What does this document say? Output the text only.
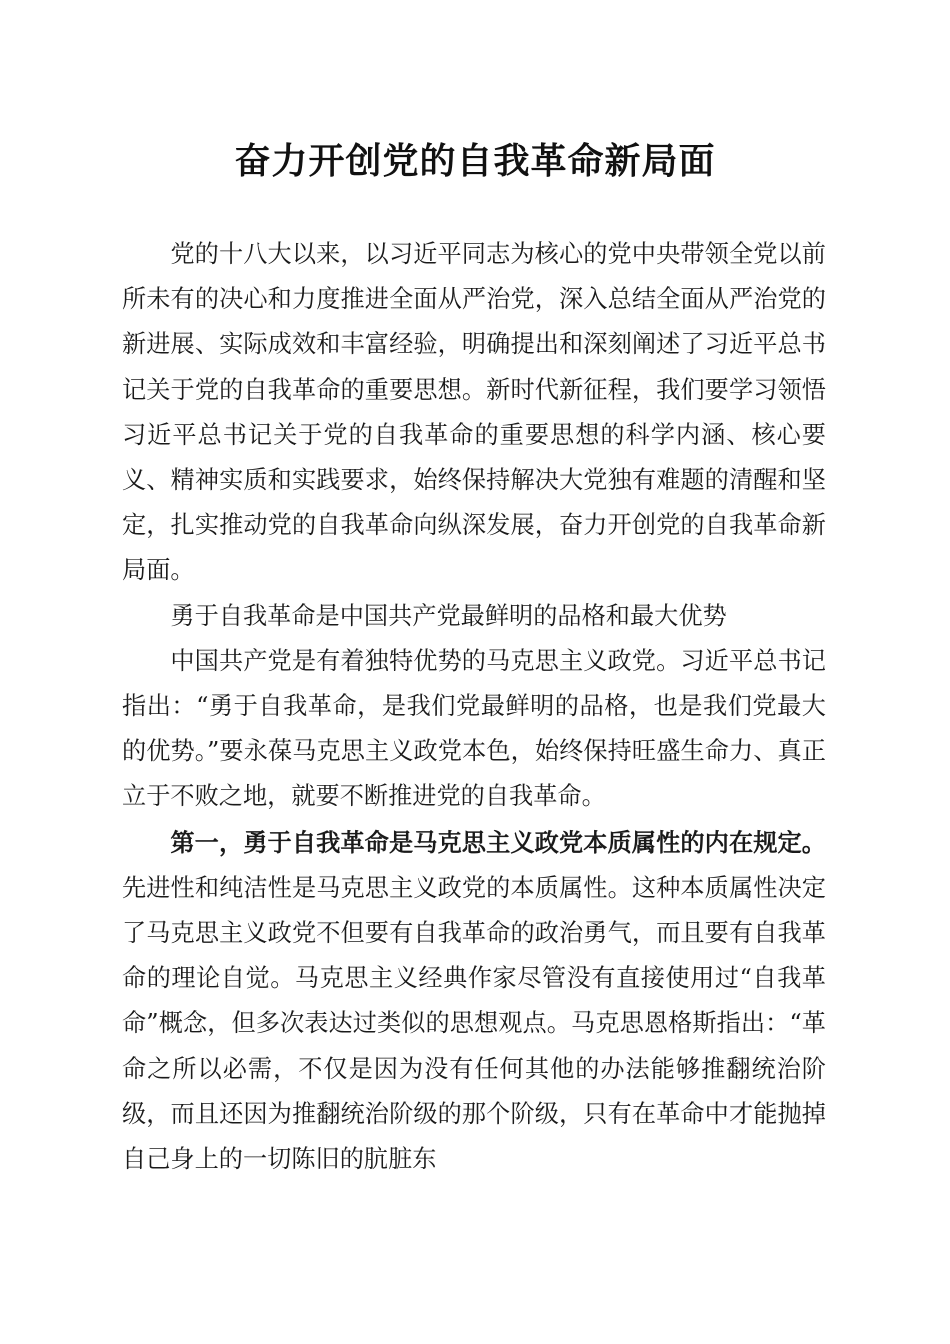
奋力开创党的自我革命新局面

党的十八大以来，以习近平同志为核心的党中央带领全党以前所未有的决心和力度推进全面从严治党，深入总结全面从严治党的新进展、实际成效和丰富经验，明确提出和深刻阐述了习近平总书记关于党的自我革命的重要思想。新时代新征程，我们要学习领悟习近平总书记关于党的自我革命的重要思想的科学内涵、核心要义、精神实质和实践要求，始终保持解决大党独有难题的清醒和坚定，扎实推动党的自我革命向纵深发展，奋力开创党的自我革命新局面。

勇于自我革命是中国共产党最鲜明的品格和最大优势

中国共产党是有着独特优势的马克思主义政党。习近平总书记指出：“勇于自我革命，是我们党最鲜明的品格，也是我们党最大的优势。”要永葆马克思主义政党本色，始终保持旺盛生命力、真正立于不败之地，就要不断推进党的自我革命。

第一，勇于自我革命是马克思主义政党本质属性的内在规定。先进性和纯洁性是马克思主义政党的本质属性。这种本质属性决定了马克思主义政党不但要有自我革命的政治勇气，而且要有自我革命的理论自觉。马克思主义经典作家尽管没有直接使用过“自我革命”概念，但多次表达过类似的思想观点。马克思恩格斯指出：“革命之所以必需，不仅是因为没有任何其他的办法能够推翻统治阶级，而且还因为推翻统治阶级的那个阶级，只有在革命中才能抛掉自己身上的一切陈旧的肮脏东
